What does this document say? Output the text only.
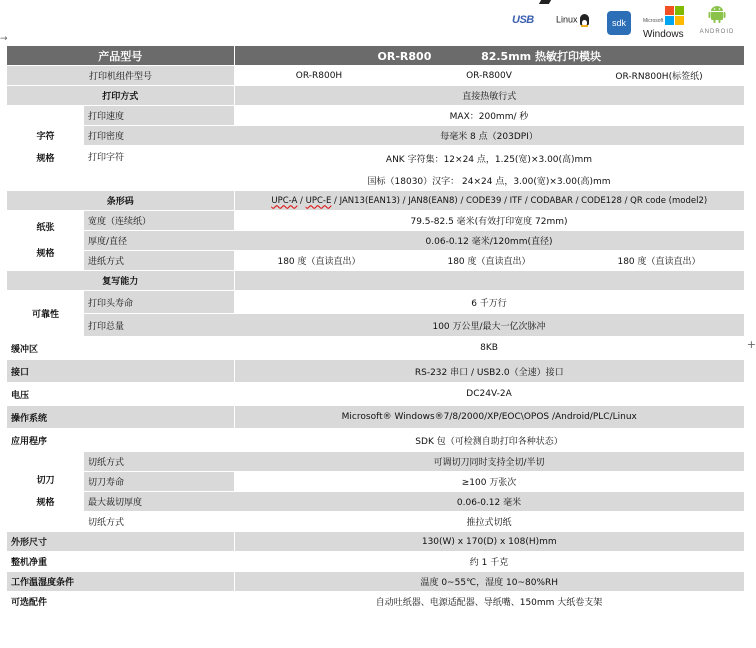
USB Linux	sdk	Microsoft
Windows	ANDROID
→
+
产品型号		OR-R800 82.5mm 热敏打印模块		
打印机组件型号		OR-R800H	OR-R800V	OR-RN800H(标签纸)
打印方式		直接热敏行式		
字符
规格	打印速度	MAX：200mm/ 秒		
	打印密度	每毫米 8 点（203DPI）		
	打印字符	ANK 字符集：12×24 点，1.25(宽)×3.00(高)mm		
		国标（18030）汉字： 24×24 点，3.00(宽)×3.00(高)mm		
条形码		UPC-A / UPC-E / JAN13(EAN13) / JAN8(EAN8) / CODE39 / ITF / CODABAR / CODE128 / QR code (model2)		
纸张
规格	宽度（连续纸）	79.5-82.5 毫米(有效打印宽度 72mm)		
	厚度/直径	0.06-0.12 毫米/120mm(直径)		
	进纸方式	180 度（直读直出）	180 度（直读直出）	180 度（直读直出）
复写能力				
可靠性	打印头寿命	6 千万行		
	打印总量	100 万公里/最大一亿次脉冲		
缓冲区		8KB		
接口		RS-232 串口 / USB2.0（全速）接口		
电压		DC24V-2A		
操作系统		Microsoft® Windows®7/8/2000/XP/EOC\OPOS /Android/PLC/Linux		
应用程序		SDK 包（可检测自助打印各种状态）		
切刀
规格	切纸方式	可调切刀同时支持全切/半切		
	切刀寿命	≥100 万张次		
	最大裁切厚度	0.06-0.12 毫米		
	切纸方式	推拉式切纸		
外形尺寸		130(W) x 170(D) x 108(H)mm		
整机净重		约 1 千克		
工作温湿度条件		温度 0~55℃，湿度 10~80%RH		
可选配件		自动吐纸器、电源适配器、导纸嘴、150mm 大纸卷支架		
